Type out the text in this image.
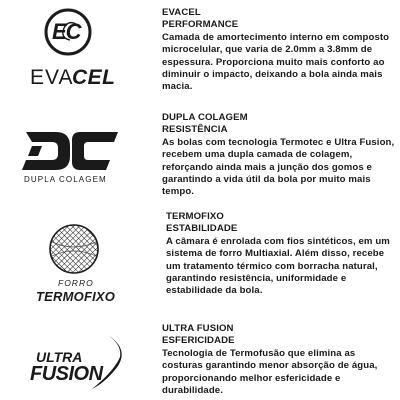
EC
EVA
CEL
EVACEL
PERFORMANCE
Camada de amortecimento interno em composto microcelular, que varia de 2.0mm a 3.8mm de espessura. Proporciona muito mais conforto ao diminuir o impacto, deixando a bola ainda mais macia.
DUPLA COLAGEM
DUPLA COLAGEM
RESISTÊNCIA
As bolas com tecnologia Termotec e Ultra Fusion, recebem uma dupla camada de colagem, reforçando ainda mais a junção dos gomos e garantindo a vida útil da bola por muito mais tempo.
FORRO
TERMOFIXO
TERMOFIXO
ESTABILIDADE
A câmara é enrolada com fios sintéticos, em um sistema de forro Multiaxial. Além disso, recebe um tratamento térmico com borracha natural, garantindo resistência, uniformidade e estabilidade da bola.
ULTRA
FUSION
ULTRA FUSION
ESFERICIDADE
Tecnologia de Termofusão que elimina as costuras garantindo menor absorção de água, proporcionando melhor esfericidade e durabilidade.
